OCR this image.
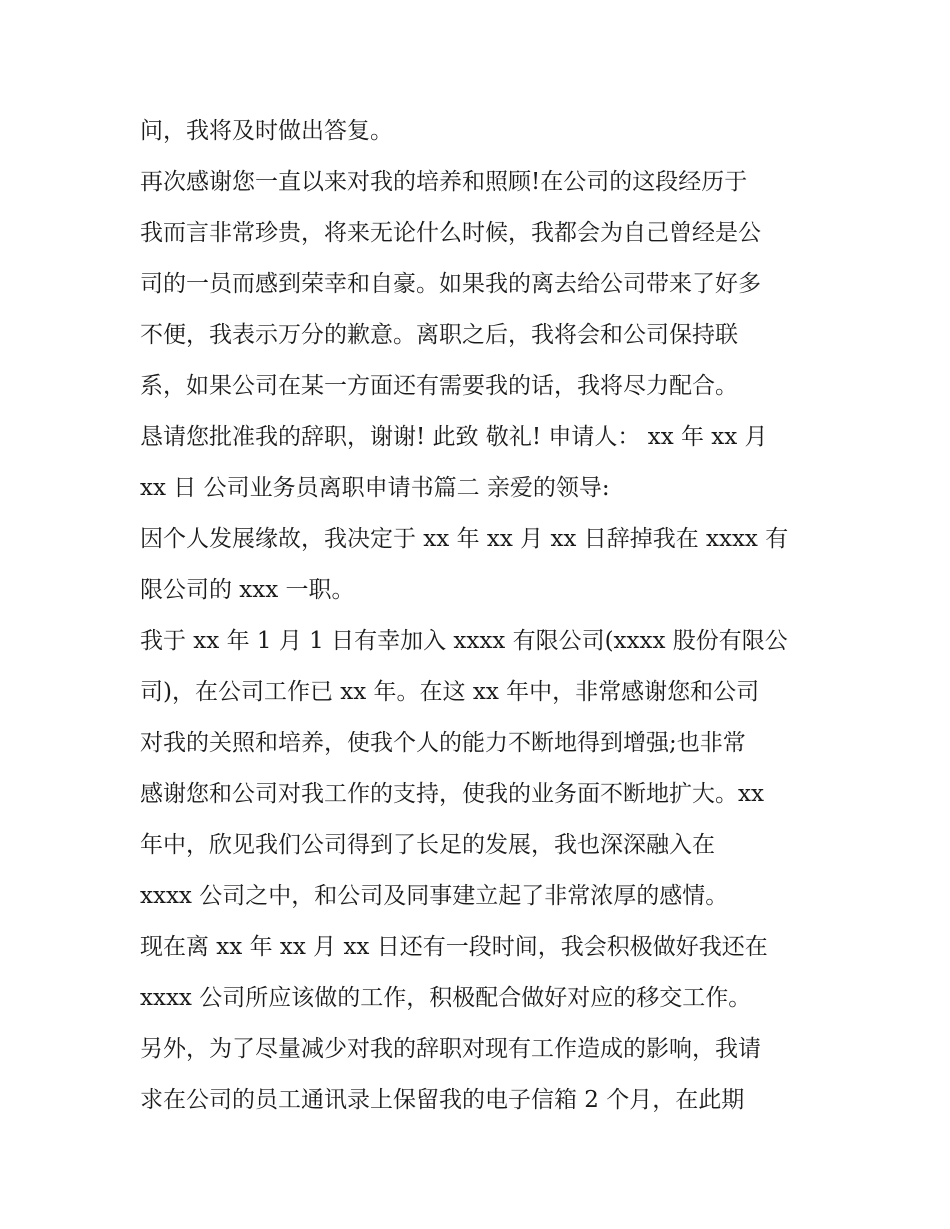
问，我将及时做出答复。
再次感谢您一直以来对我的培养和照顾!在公司的这段经历于
我而言非常珍贵，将来无论什么时候，我都会为自己曾经是公
司的一员而感到荣幸和自豪。如果我的离去给公司带来了好多
不便，我表示万分的歉意。离职之后，我将会和公司保持联
系，如果公司在某一方面还有需要我的话，我将尽力配合。
恳请您批准我的辞职，谢谢! 此致 敬礼! 申请人： xx 年 xx 月
xx 日 公司业务员离职申请书篇二 亲爱的领导:
因个人发展缘故，我决定于 xx 年 xx 月 xx 日辞掉我在 xxxx 有
限公司的 xxx 一职。
我于 xx 年 1 月 1 日有幸加入 xxxx 有限公司(xxxx 股份有限公
司)，在公司工作已 xx 年。在这 xx 年中，非常感谢您和公司
对我的关照和培养，使我个人的能力不断地得到增强;也非常
感谢您和公司对我工作的支持，使我的业务面不断地扩大。xx
年中，欣见我们公司得到了长足的发展，我也深深融入在
xxxx 公司之中，和公司及同事建立起了非常浓厚的感情。
现在离 xx 年 xx 月 xx 日还有一段时间，我会积极做好我还在
xxxx 公司所应该做的工作，积极配合做好对应的移交工作。
另外，为了尽量减少对我的辞职对现有工作造成的影响，我请
求在公司的员工通讯录上保留我的电子信箱 2 个月，在此期
